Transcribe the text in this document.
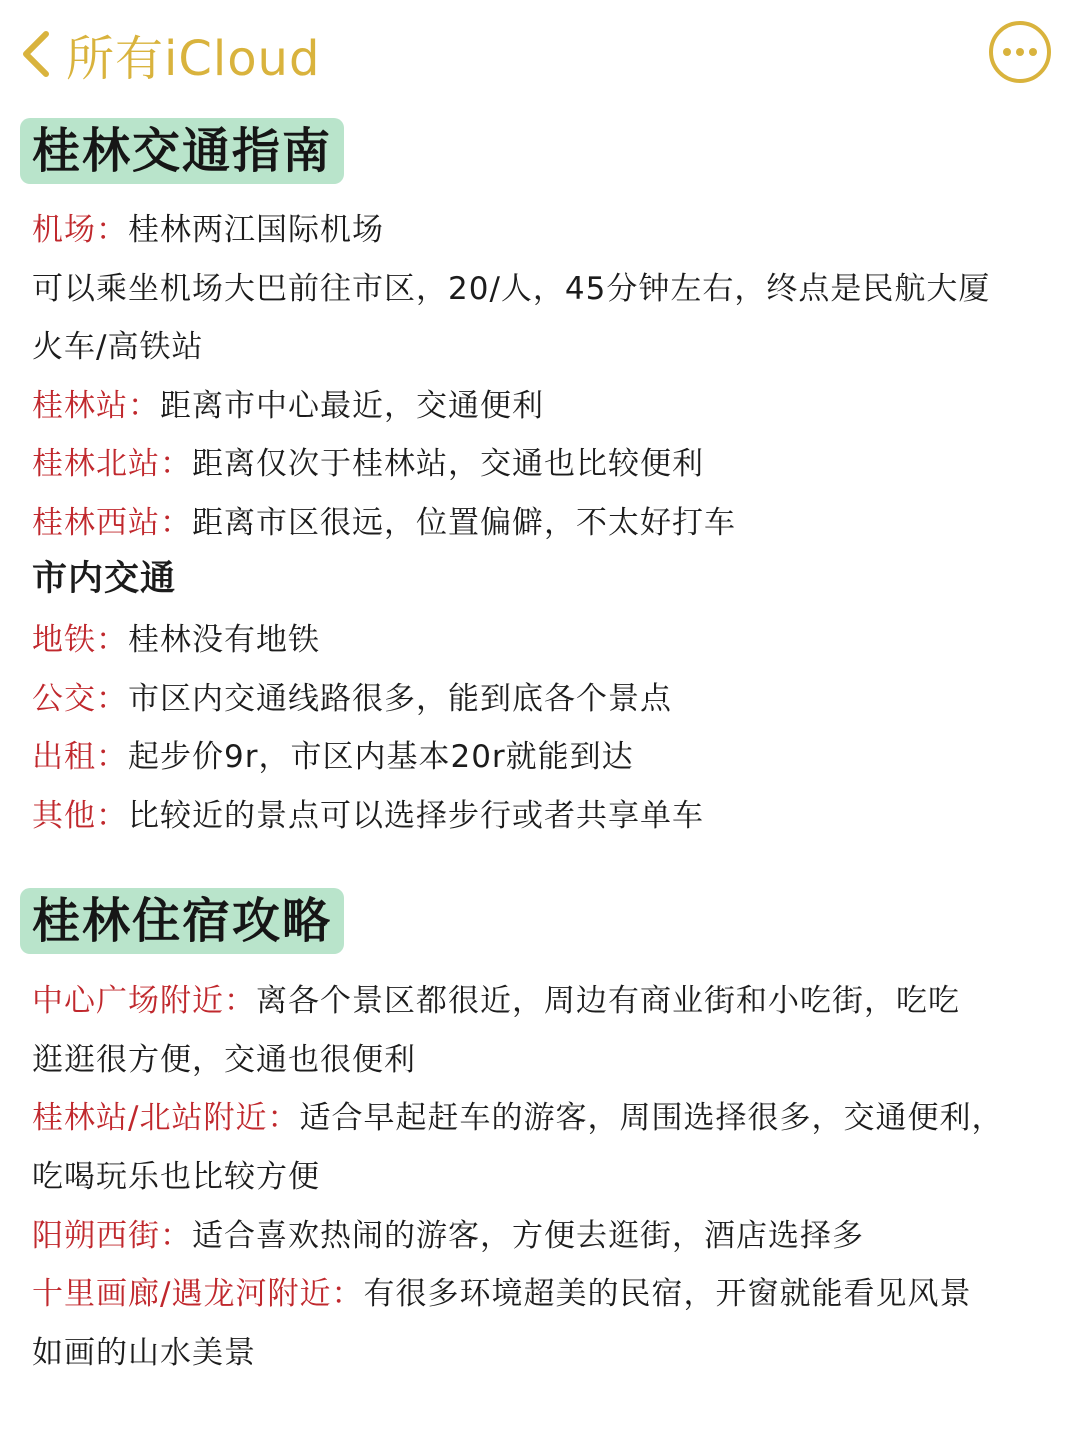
所有iCloud
桂林交通指南
机场：桂林两江国际机场
可以乘坐机场大巴前往市区，20/人，45分钟左右，终点是民航大厦
火车/高铁站
桂林站：距离市中心最近，交通便利
桂林北站：距离仅次于桂林站，交通也比较便利
桂林西站：距离市区很远，位置偏僻，不太好打车
市内交通
地铁：桂林没有地铁
公交：市区内交通线路很多，能到底各个景点
出租：起步价9r，市区内基本20r就能到达
其他：比较近的景点可以选择步行或者共享单车
桂林住宿攻略
中心广场附近：离各个景区都很近，周边有商业街和小吃街，吃吃
逛逛很方便，交通也很便利
桂林站/北站附近：适合早起赶车的游客，周围选择很多，交通便利，
吃喝玩乐也比较方便
阳朔西街：适合喜欢热闹的游客，方便去逛街，酒店选择多
十里画廊/遇龙河附近：有很多环境超美的民宿，开窗就能看见风景
如画的山水美景
